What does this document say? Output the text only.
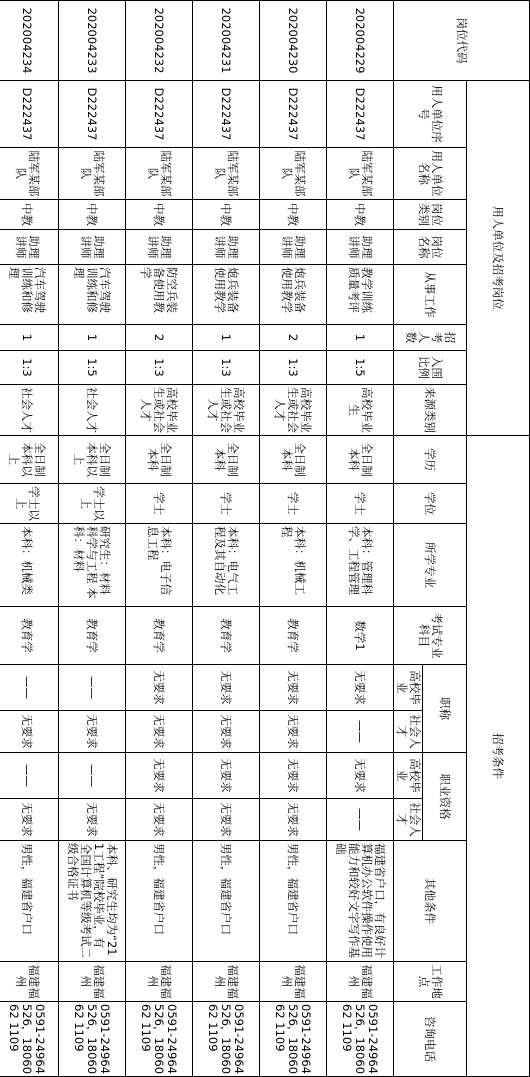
岗位代码	用人单位及招考岗位								招考条件										
	用人单位序号	用人单位名称	岗位类别	岗位名称	从事工作	招考人数	入围比例	来源类别	学历	学位	所学专业	考试专业科目	职称		职业资格		其他条件	工作地点	咨询电话
													高校毕业	社会人才	高校毕业	社会人才			
202004229	D222437	陆军某部队	中教	助理讲师	教学训练质量考评	1	1:5	高校毕业生	全日制本科	学士	本科：管理科学、工程管理	数学1	无要求	——	无要求	——	福建省户口，有良好计算机办公软件操作使用能力和较好文字写作基础	福建福州	0591-24964526，1806062 1109
202004230	D222437	陆军某部队	中教	助理讲师	炮兵装备使用教学	2	1:3	高校毕业生或社会人才	全日制本科	学士	本科：机械工程	教育学	无要求	无要求	无要求	无要求	男性，福建省户口	福建福州	0591-24964526，1806062 1109
202004231	D222437	陆军某部队	中教	助理讲师	炮兵装备使用教学	1	1:3	高校毕业生或社会人才	全日制本科	学士	本科：电气工程及其自动化	教育学	无要求	无要求	无要求	无要求	男性，福建省户口	福建福州	0591-24964526，1806062 1109
202004232	D222437	陆军某部队	中教	助理讲师	防空兵装备使用教学	2	1:3	高校毕业生或社会人才	全日制本科	学士	本科：电子信息工程	教育学	无要求	无要求	无要求	无要求	男性，福建省户口	福建福州	0591-24964526，1806062 1109
202004233	D222437	陆军某部队	中教	助理讲师	汽车驾驶训练和修理	1	1:5	社会人才	全日制本科以上	学士以上	研究生：材料科学与工程 本科：材料	教育学	——	无要求	——	无要求	本科、研究生均为“211工程”院校毕业，有全国计算机等级考试二级合格证书	福建福州	0591-24964526，1806062 1109
202004234	D222437	陆军某部队	中教	助理讲师	汽车驾驶训练和修理	1	1:3	社会人才	全日制本科以上	学士以上	本科：机械类	教育学	——	无要求	——	无要求	男性，福建省户口	福建福州	0591-24964526，1806062 1109
